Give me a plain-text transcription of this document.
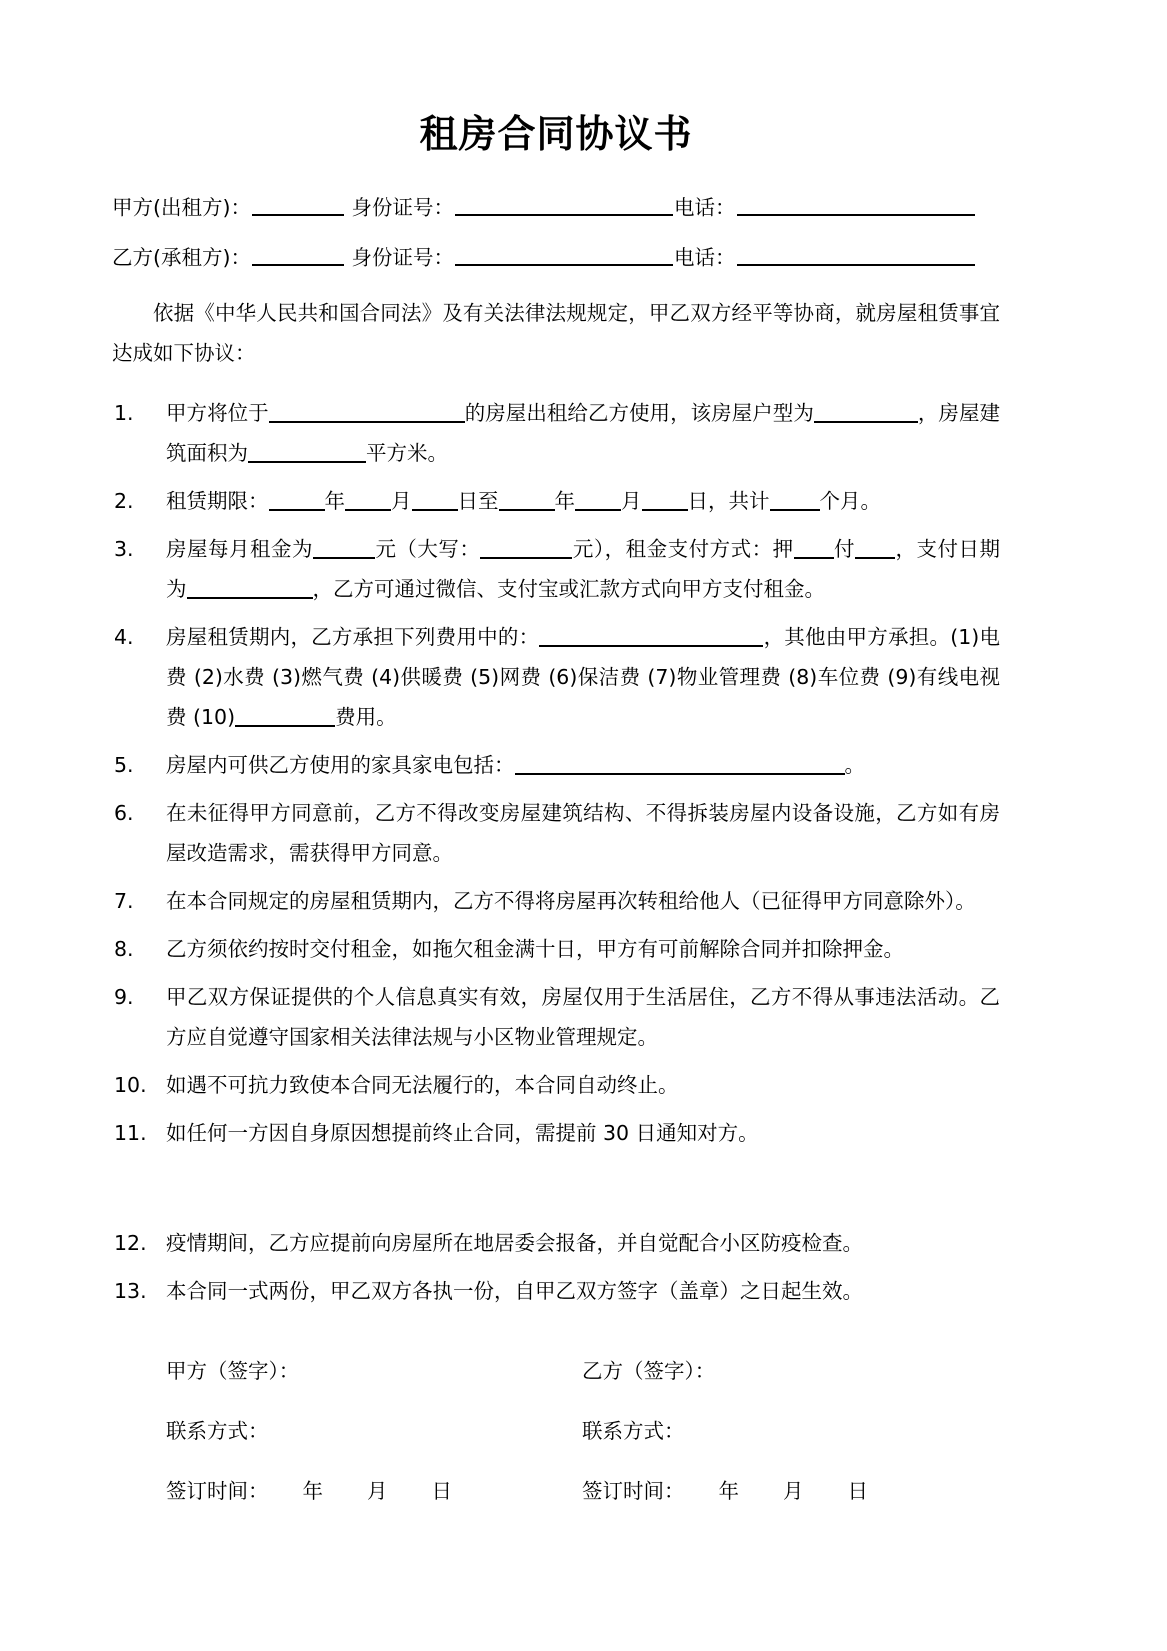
租房合同协议书
甲方(出租方)：	身份证号：	电话：
乙方(承租方)：	身份证号：	电话：

依据《中华人民共和国合同法》及有关法律法规规定，甲乙双方经平等协商，就房屋租赁事宜达成如下协议：

1.	甲方将位于	的房屋出租给乙方使用，该房屋户型为	，房屋建筑面积为	平方米。
2.	租赁期限：	年 月 日至	年 月 日，共计 个月。
3.	房屋每月租金为	元（大写：	元），租金支付方式：押 付 ，支付日期为	，乙方可通过微信、支付宝或汇款方式向甲方支付租金。
4.	房屋租赁期内，乙方承担下列费用中的：	，其他由甲方承担。(1)电费 (2)水费 (3)燃气费 (4)供暖费 (5)网费 (6)保洁费 (7)物业管理费 (8)车位费 (9)有线电视费 (10)	费用。
5.	房屋内可供乙方使用的家具家电包括：	。
6.	在未征得甲方同意前，乙方不得改变房屋建筑结构、不得拆装房屋内设备设施，乙方如有房屋改造需求，需获得甲方同意。
7.	在本合同规定的房屋租赁期内，乙方不得将房屋再次转租给他人（已征得甲方同意除外）。
8.	乙方须依约按时交付租金，如拖欠租金满十日，甲方有可前解除合同并扣除押金。
9.	甲乙双方保证提供的个人信息真实有效，房屋仅用于生活居住，乙方不得从事违法活动。乙方应自觉遵守国家相关法律法规与小区物业管理规定。
10. 如遇不可抗力致使本合同无法履行的，本合同自动终止。
11. 如任何一方因自身原因想提前终止合同，需提前 30 日通知对方。
12. 疫情期间，乙方应提前向房屋所在地居委会报备，并自觉配合小区防疫检查。
13. 本合同一式两份，甲乙双方各执一份，自甲乙双方签字（盖章）之日起生效。
甲方（签字）：	乙方（签字）：
联系方式：	联系方式：
签订时间： 年 月 日	签订时间： 年 月 日
